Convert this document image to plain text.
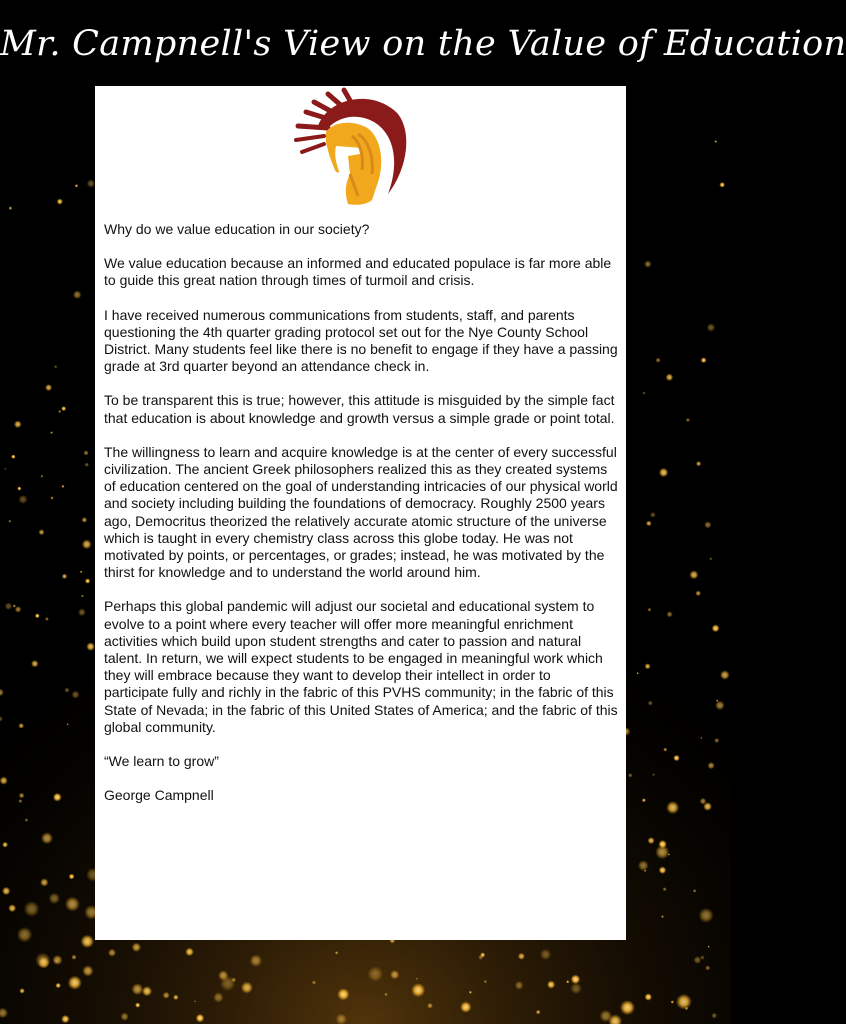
Mr. Campnell's View on the Value of Education

Why do we value education in our society?

We value education because an informed and educated populace is far more able to guide this great nation through times of turmoil and crisis.

I have received numerous communications from students, staff, and parents questioning the 4th quarter grading protocol set out for the Nye County School District. Many students feel like there is no benefit to engage if they have a passing grade at 3rd quarter beyond an attendance check in.

To be transparent this is true; however, this attitude is misguided by the simple fact that education is about knowledge and growth versus a simple grade or point total.

The willingness to learn and acquire knowledge is at the center of every successful civilization. The ancient Greek philosophers realized this as they created systems of education centered on the goal of understanding intricacies of our physical world and society including building the foundations of democracy. Roughly 2500 years ago, Democritus theorized the relatively accurate atomic structure of the universe which is taught in every chemistry class across this globe today. He was not motivated by points, or percentages, or grades; instead, he was motivated by the thirst for knowledge and to understand the world around him.

Perhaps this global pandemic will adjust our societal and educational system to evolve to a point where every teacher will offer more meaningful enrichment activities which build upon student strengths and cater to passion and natural talent. In return, we will expect students to be engaged in meaningful work which they will embrace because they want to develop their intellect in order to participate fully and richly in the fabric of this PVHS community; in the fabric of this State of Nevada; in the fabric of this United States of America; and the fabric of this global community.

“We learn to grow”

George Campnell
